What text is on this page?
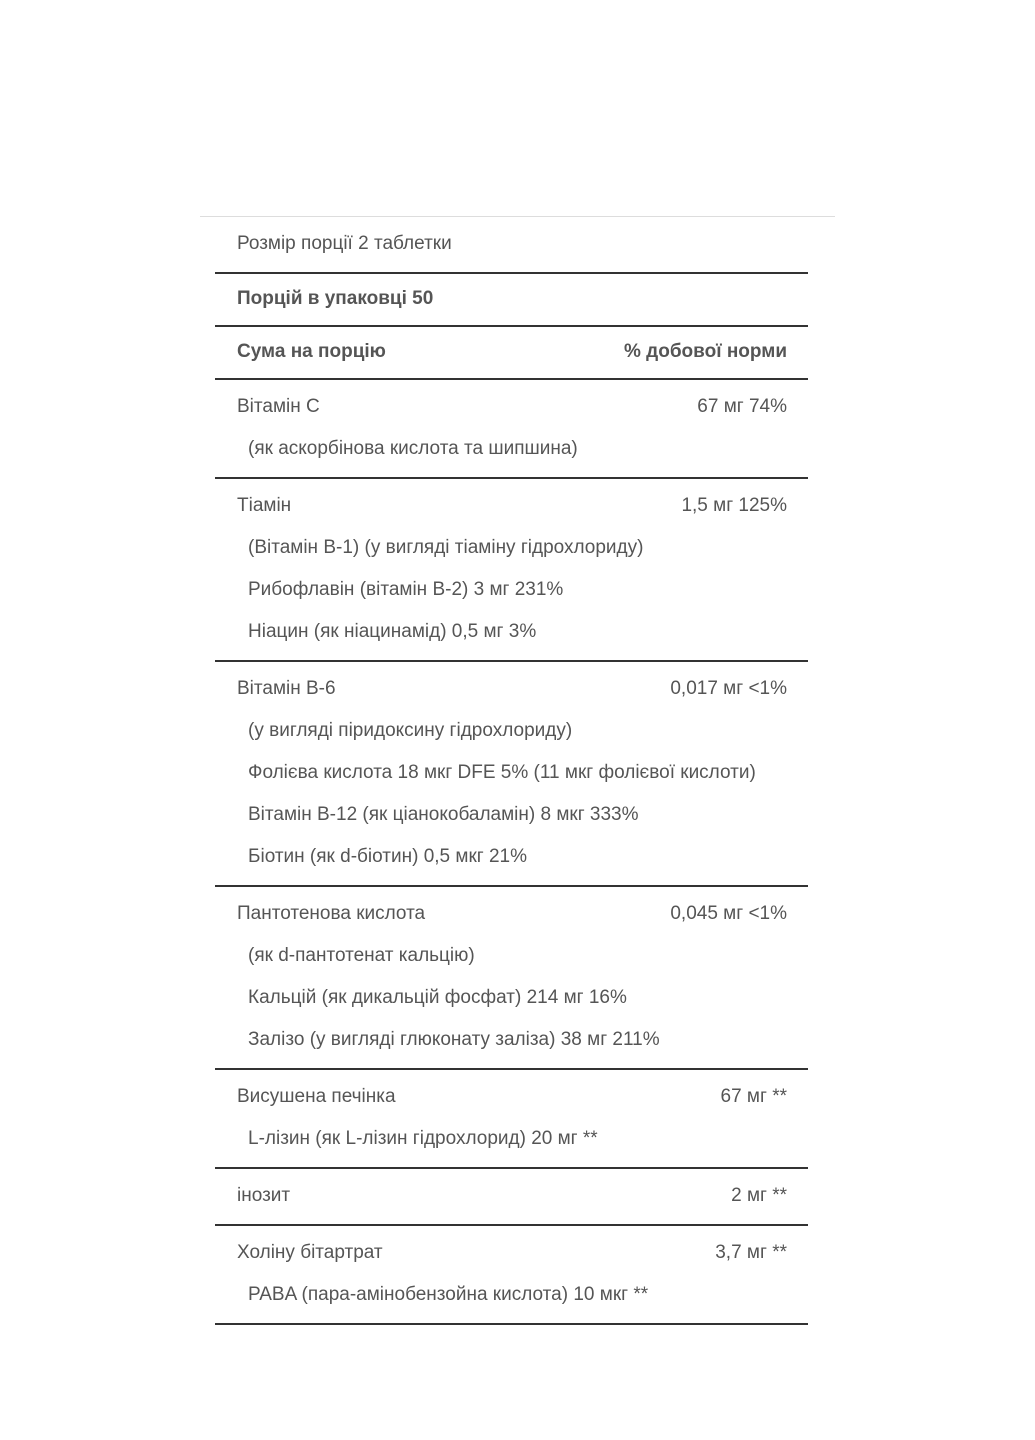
Розмір порції 2 таблетки
Порцій в упаковці 50
Сума на порцію	% добової норми
Вітамін C	67 мг 74%
(як аскорбінова кислота та шипшина)
Тіамін	1,5 мг 125%
(Вітамін B-1) (у вигляді тіаміну гідрохлориду)
Рибофлавін (вітамін B-2) 3 мг 231%
Ніацин (як ніацинамід) 0,5 мг 3%
Вітамін B-6	0,017 мг <1%
(у вигляді піридоксину гідрохлориду)
Фолієва кислота 18 мкг DFE 5% (11 мкг фолієвої кислоти)
Вітамін B-12 (як ціанокобаламін) 8 мкг 333%
Біотин (як d-біотин) 0,5 мкг 21%
Пантотенова кислота	0,045 мг <1%
(як d-пантотенат кальцію)
Кальцій (як дикальцій фосфат) 214 мг 16%
Залізо (у вигляді глюконату заліза) 38 мг 211%
Висушена печінка	67 мг **
L-лізин (як L-лізин гідрохлорид) 20 мг **
інозит	2 мг **
Холіну бітартрат	3,7 мг **
PABA (пара-амінобензойна кислота) 10 мкг **
